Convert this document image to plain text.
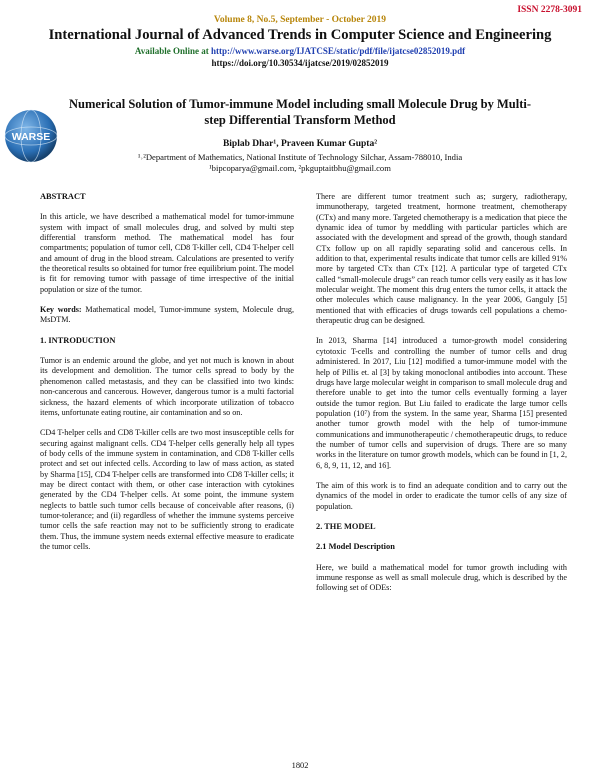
ISSN 2278-3091
Volume 8, No.5, September - October 2019
International Journal of Advanced Trends in Computer Science and Engineering
Available Online at http://www.warse.org/IJATCSE/static/pdf/file/ijatcse02852019.pdf
https://doi.org/10.30534/ijatcse/2019/02852019
WARSE
Numerical Solution of Tumor-immune Model including small Molecule Drug by Multi-step Differential Transform Method
Biplab Dhar¹, Praveen Kumar Gupta²
¹˒²Department of Mathematics, National Institute of Technology Silchar, Assam-788010, India
¹bipcoparya@gmail.com, ²pkguptaitbhu@gmail.com
ABSTRACT

In this article, we have described a mathematical model for tumor-immune system with impact of small molecules drug, and solved by multi step differential transform method. The mathematical model has four compartments; population of tumor cell, CD8 T-killer cell, CD4 T-helper cell and amount of drug in the blood stream. Calculations are presented to verify the theoretical results so obtained for tumor free equilibrium point. The model is fit for removing tumor with passage of time irrespective of the initial population or size of the tumor.

Key words: Mathematical model, Tumor-immune system, Molecule drug, MsDTM.

1. INTRODUCTION

Tumor is an endemic around the globe, and yet not much is known in about its development and demolition. The tumor cells spread to body by the phenomenon called metastasis, and they can be classified into two kinds: non-cancerous and cancerous. However, dangerous tumor is a multi factorial sickness, the hazard elements of which incorporate utilization of tobacco items, unfortunate eating routine, air contamination and so on.

CD4 T-helper cells and CD8 T-killer cells are two most insusceptible cells for securing against malignant cells. CD4 T-helper cells generally help all types of body cells of the immune system in contamination, and CD8 T-killer cells protect and set out infected cells. According to law of mass action, as stated by Sharma [15], CD4 T-helper cells are transformed into CD8 T-killer cells; it may be direct contact with them, or other case interaction with cytokines generated by the CD4 T-helper cells. At some point, the immune system neglects to battle such tumor cells because of conceivable after reasons, (i) tumor-tolerance; and (ii) regardless of whether the immune systems perceive tumor cells the safe reaction may not to be sufficiently strong to eradicate them. Thus, the immune system needs external effective measure to eradicate the tumor cells.

There are different tumor treatment such as; surgery, radiotherapy, immunotherapy, targeted treatment, hormone treatment, chemotherapy (CTx) and many more. Targeted chemotherapy is a medication that piece the dynamic idea of tumor by meddling with particular particles which are associated with the development and spread of the growth, though standard CTx follow up on all rapidly separating solid and cancerous cells. In addition to that, experimental results indicate that tumor cells are killed 91% more by targeted CTx than CTx [12]. A particular type of targeted CTx called “small-molecule drugs” can reach tumor cells very easily as it has low molecular weight. The moment this drug enters the tumor cells, it attack the other molecules which cause malignancy. In the year 2006, Ganguly [5] mentioned that with efficacies of drugs towards cell populations a chemo-therapeutic drug can be designed.

In 2013, Sharma [14] introduced a tumor-growth model considering cytotoxic T-cells and controlling the number of tumor cells and drug administered. In 2017, Liu [12] modified a tumor-immune model with the help of Pillis et. al [3] by taking monoclonal antibodies into account. These drugs have large molecular weight in comparison to small molecule drug and therefore unable to get into the tumor cells eventually forming a layer outside the tumor region. But Liu failed to eradicate the large tumor cells population (10⁷) from the system. In the same year, Sharma [15] presented another tumor growth model with the help of tumor-immune communications and immunotherapeutic / chemotherapeutic drugs, to reduce the number of tumor cells and supervision of drugs. There are so many works in the literature on tumor growth models, which can be found in [1, 2, 6, 8, 9, 11, 12, and 16].

The aim of this work is to find an adequate condition and to carry out the dynamics of the model in order to eradicate the tumor cells of any size of population.

2. THE MODEL
2.1 Model Description

Here, we build a mathematical model for tumor growth including with immune response as well as small molecule drug, which is described by the following set of ODEs:

1802
